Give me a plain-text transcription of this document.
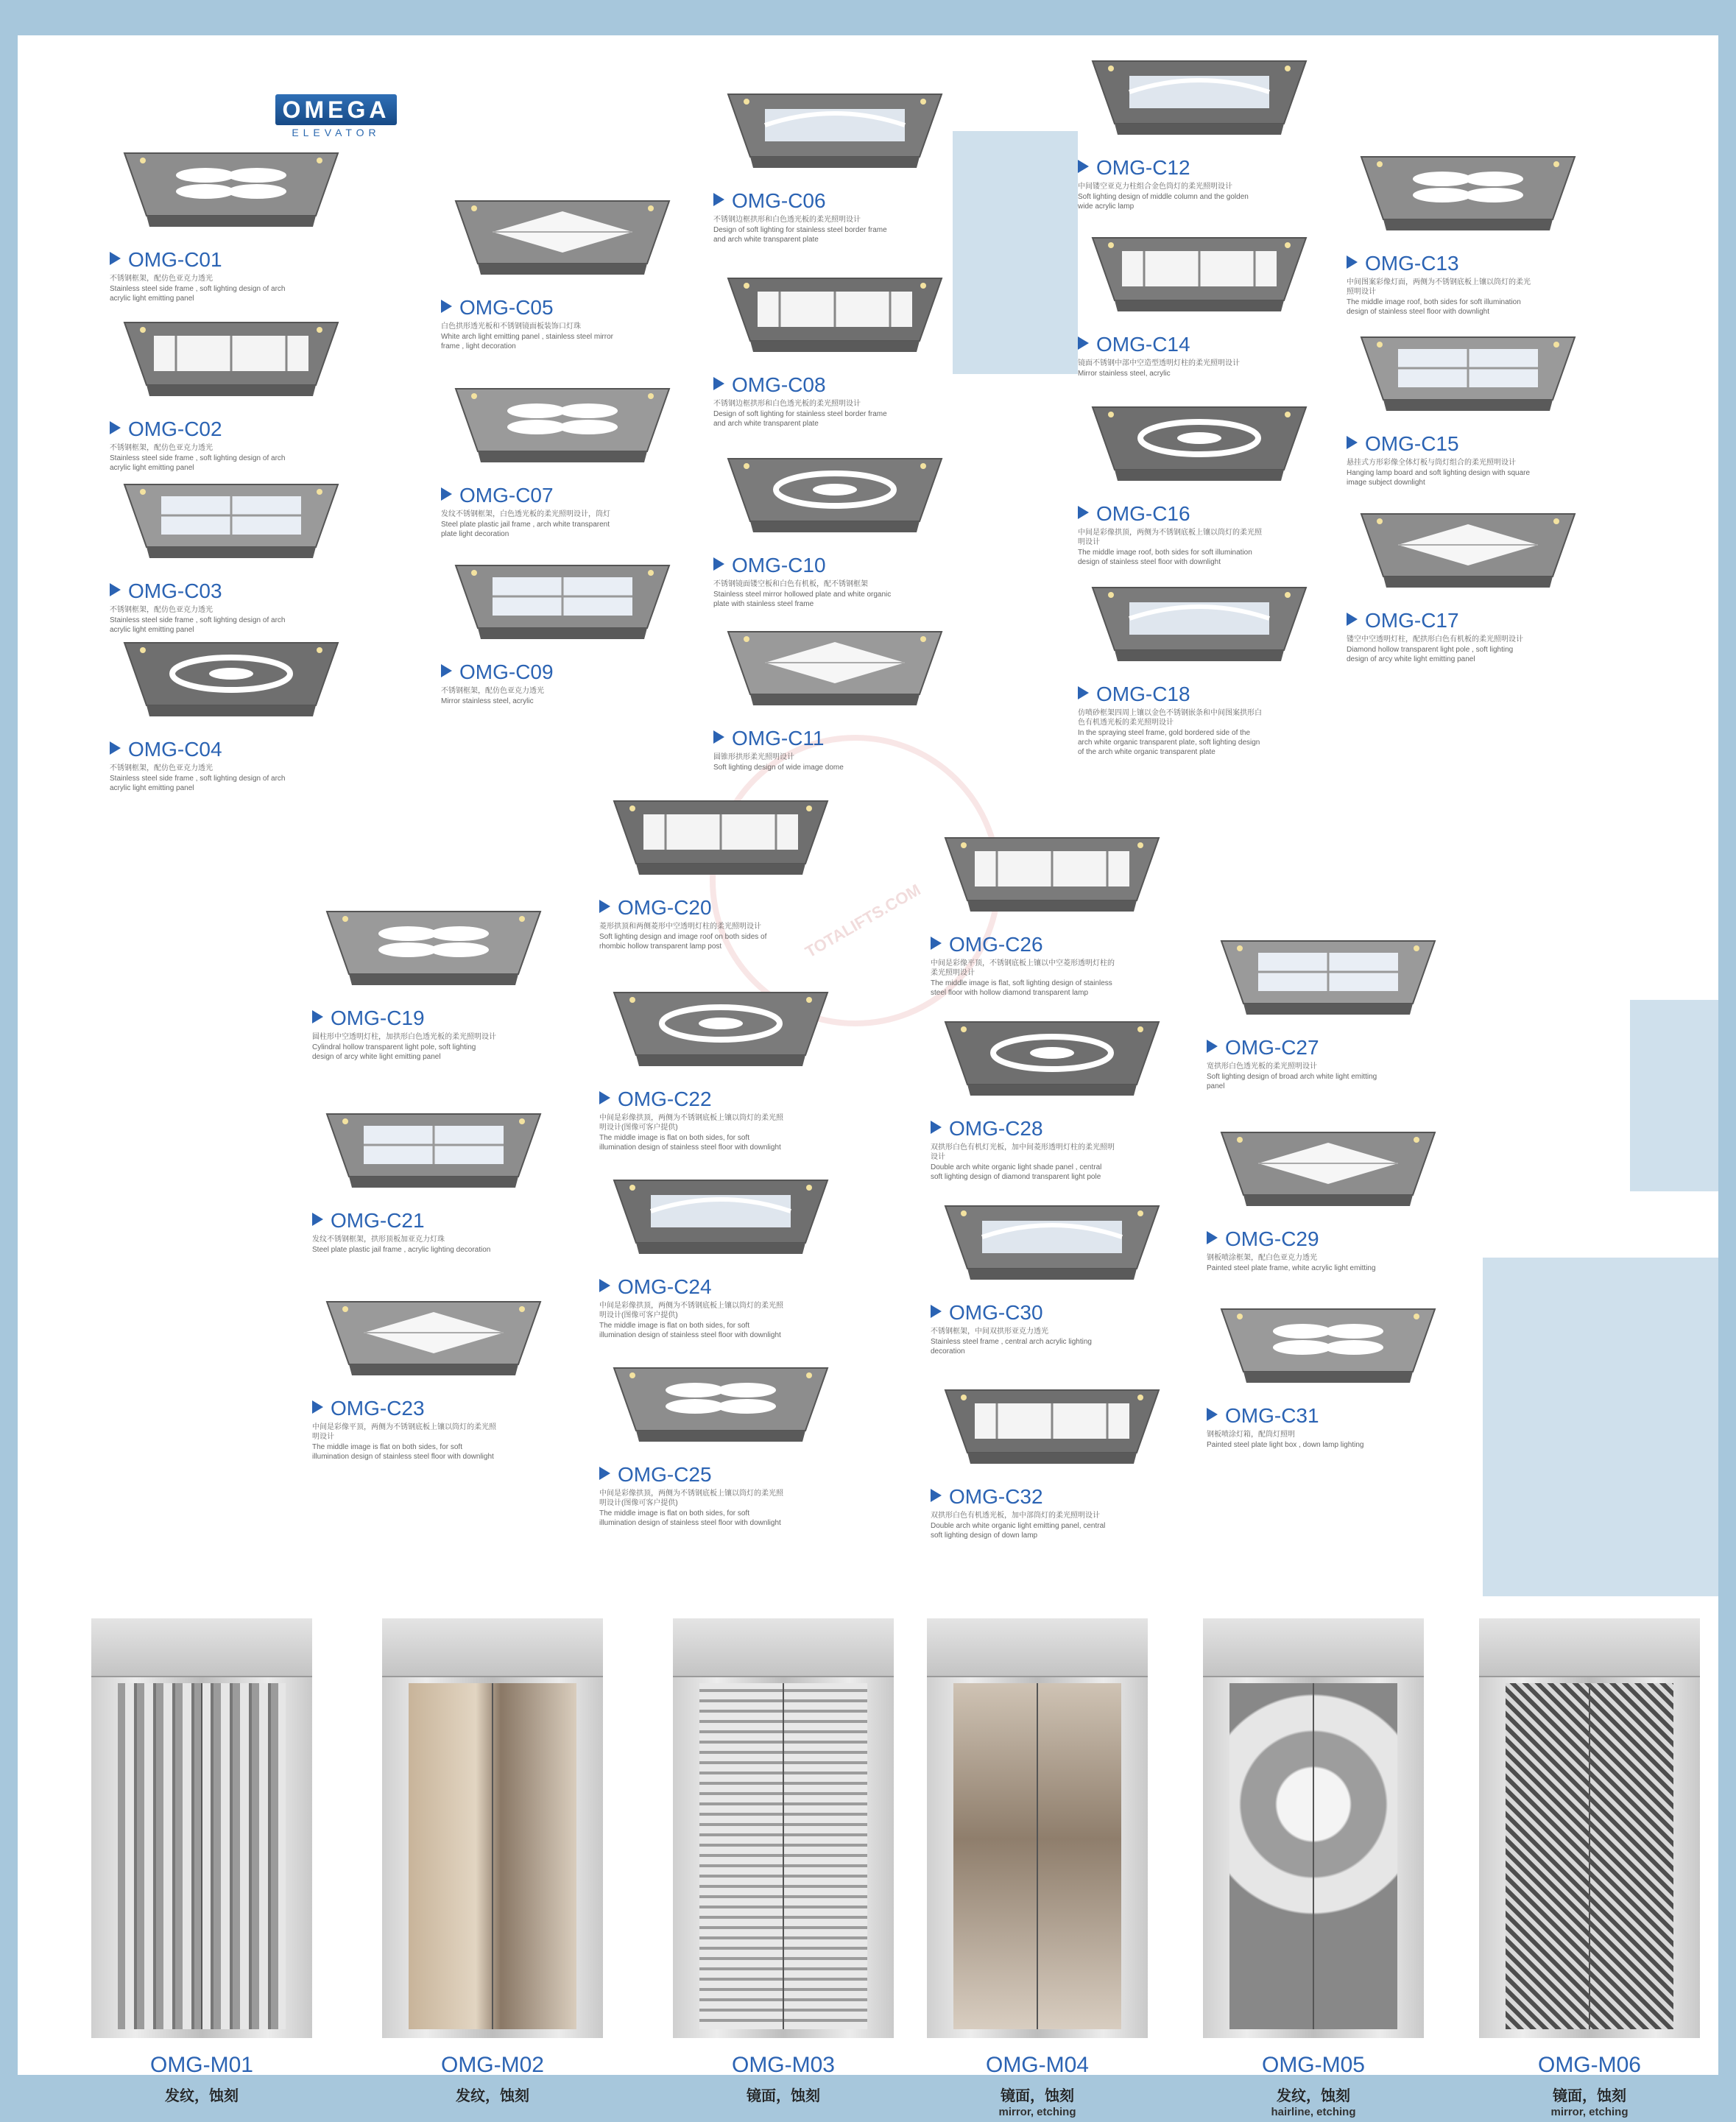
OMEGA
ELEVATOR
TOTALIFTS.COM
OMG-C01
不锈钢框架，配仿色亚克力透光
Stainless steel side frame , soft lighting design of arch acrylic light emitting panel
OMG-C02
不锈钢框架，配仿色亚克力透光
Stainless steel side frame , soft lighting design of arch acrylic light emitting panel
OMG-C03
不锈钢框架，配仿色亚克力透光
Stainless steel side frame , soft lighting design of arch acrylic light emitting panel
OMG-C04
不锈钢框架，配仿色亚克力透光
Stainless steel side frame , soft lighting design of arch acrylic light emitting panel
OMG-C05
白色拱形透光板和不锈钢镜面板装饰口灯珠
White arch light emitting panel , stainless steel mirror frame , light decoration
OMG-C06
不锈钢边框拱形和白色透光板的柔光照明设计
Design of soft lighting for stainless steel border frame and arch white transparent plate
OMG-C07
发纹不锈钢框架，白色透光板的柔光照明设计，筒灯
Steel plate plastic jail frame , arch white transparent plate light decoration
OMG-C08
不锈钢边框拱形和白色透光板的柔光照明设计
Design of soft lighting for stainless steel border frame and arch white transparent plate
OMG-C09
不锈钢框架，配仿色亚克力透光
Mirror stainless steel, acrylic
OMG-C10
不锈钢镜面镂空板和白色有机板，配不锈钢框架
Stainless steel mirror hollowed plate and white organic plate with stainless steel frame
OMG-C11
圆锥形拱形柔光照明设计
Soft lighting design of wide image dome
OMG-C12
中间镂空亚克力柱组合金色筒灯的柔光照明设计
Soft lighting design of middle column and the golden wide acrylic lamp
OMG-C13
中间图案彩像灯面，两侧为不锈钢底板上镶以筒灯的柔光照明设计
The middle image roof, both sides for soft illumination design of stainless steel floor with downlight
OMG-C14
镜面不锈钢中部中空造型透明灯柱的柔光照明设计
Mirror stainless steel, acrylic
OMG-C15
悬挂式方形彩像全体灯板与筒灯组合的柔光照明设计
Hanging lamp board and soft lighting design with square image subject downlight
OMG-C16
中间是彩像拱顶，两侧为不锈钢底板上镶以筒灯的柔光照明设计
The middle image roof, both sides for soft illumination design of stainless steel floor with downlight
OMG-C17
镂空中空透明灯柱，配拱形白色有机板的柔光照明设计
Diamond hollow transparent light pole , soft lighting design of arcy white light emitting panel
OMG-C18
仿喷砂框架四周上镶以金色不锈钢嵌条和中间图案拱形白色有机透光板的柔光照明设计
In the spraying steel frame, gold bordered side of the arch white organic transparent plate, soft lighting design of the arch white organic transparent plate
OMG-C19
圆柱形中空透明灯柱，加拱形白色透光板的柔光照明设计
Cylindral hollow transparent light pole, soft lighting design of arcy white light emitting panel
OMG-C20
菱形拱顶和两侧菱形中空透明灯柱的柔光照明设计
Soft lighting design and image roof on both sides of rhombic hollow transparent lamp post
OMG-C21
发纹不锈钢框架，拱形顶板加亚克力灯珠
Steel plate plastic jail frame , acrylic lighting decoration
OMG-C22
中间是彩像拱顶，两侧为不锈钢底板上镶以筒灯的柔光照明设计(图像可客户提供)
The middle image is flat on both sides, for soft illumination design of stainless steel floor with downlight
OMG-C23
中间是彩像平顶，两侧为不锈钢底板上镶以筒灯的柔光照明设计
The middle image is flat on both sides, for soft illumination design of stainless steel floor with downlight
OMG-C24
中间是彩像拱顶，两侧为不锈钢底板上镶以筒灯的柔光照明设计(图像可客户提供)
The middle image is flat on both sides, for soft illumination design of stainless steel floor with downlight
OMG-C25
中间是彩像拱顶，两侧为不锈钢底板上镶以筒灯的柔光照明设计(图像可客户提供)
The middle image is flat on both sides, for soft illumination design of stainless steel floor with downlight
OMG-C26
中间是彩像平顶，不锈钢底板上镶以中空菱形透明灯柱的柔光照明设计
The middle image is flat, soft lighting design of stainless steel floor with hollow diamond transparent lamp
OMG-C27
宽拱形白色透光板的柔光照明设计
Soft lighting design of broad arch white light emitting panel
OMG-C28
双拱形白色有机灯光板，加中间菱形透明灯柱的柔光照明设计
Double arch white organic light shade panel , central soft lighting design of diamond transparent light pole
OMG-C29
钢板喷涂框架，配白色亚克力透光
Painted steel plate frame, white acrylic light emitting
OMG-C30
不锈钢框架，中间双拱形亚克力透光
Stainless steel frame , central arch acrylic lighting decoration
OMG-C31
钢板喷涂灯箱，配筒灯照明
Painted steel plate light box , down lamp lighting
OMG-C32
双拱形白色有机透光板，加中部筒灯的柔光照明设计
Double arch white organic light emitting panel, central soft lighting design of down lamp
OMG-M01
发纹，蚀刻
OMG-M02
发纹，蚀刻
OMG-M03
镜面，蚀刻
OMG-M04
镜面，蚀刻
mirror, etching
OMG-M05
发纹，蚀刻
hairline, etching
OMG-M06
镜面，蚀刻
mirror, etching
